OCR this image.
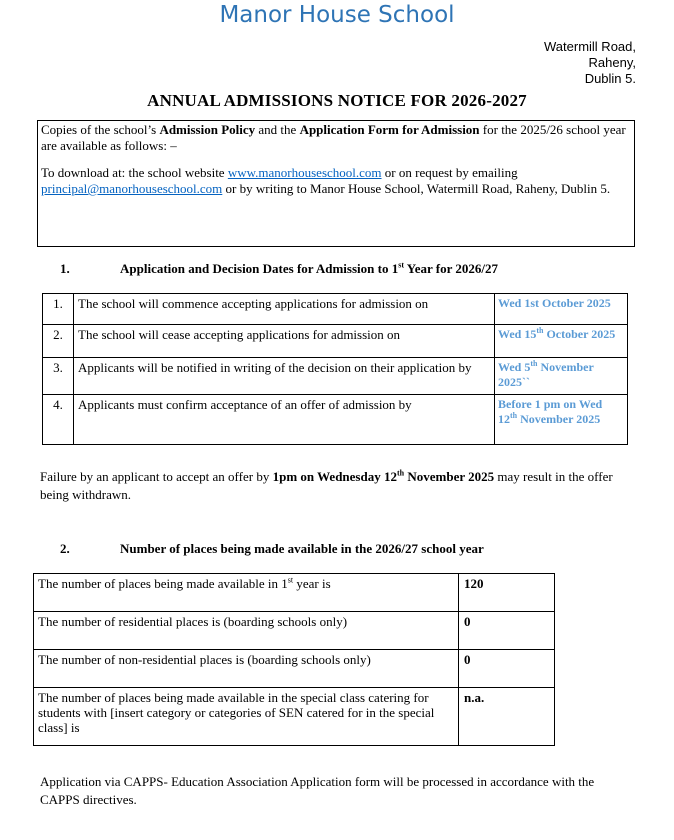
Manor House School
Watermill Road,
Raheny,
Dublin 5.
ANNUAL ADMISSIONS NOTICE FOR 2026-2027

Copies of the school’s Admission Policy and the Application Form for Admission for the 2025/26 school year are available as follows: –

To download at: the school website www.manorhouseschool.com or on request by emailing principal@manorhouseschool.com or by writing to Manor House School, Watermill Road, Raheny, Dublin 5.

1.	Application and Decision Dates for Admission to 1st Year for 2026/27
1.	The school will commence accepting applications for admission on	Wed 1st October 2025
2.	The school will cease accepting applications for admission on	Wed 15th October 2025
3.	Applicants will be notified in writing of the decision on their application by	Wed 5th November 2025``
4.	Applicants must confirm acceptance of an offer of admission by	Before 1 pm on Wed 12th November 2025
Failure by an applicant to accept an offer by 1pm on Wednesday 12th November 2025 may result in the offer being withdrawn.
2.	Number of places being made available in the 2026/27 school year
The number of places being made available in 1st year is	120
The number of residential places is (boarding schools only)	0
The number of non-residential places is (boarding schools only)	0
The number of places being made available in the special class catering for students with [insert category or categories of SEN catered for in the special class] is	n.a.
Application via CAPPS- Education Association Application form will be processed in accordance with the CAPPS directives.
